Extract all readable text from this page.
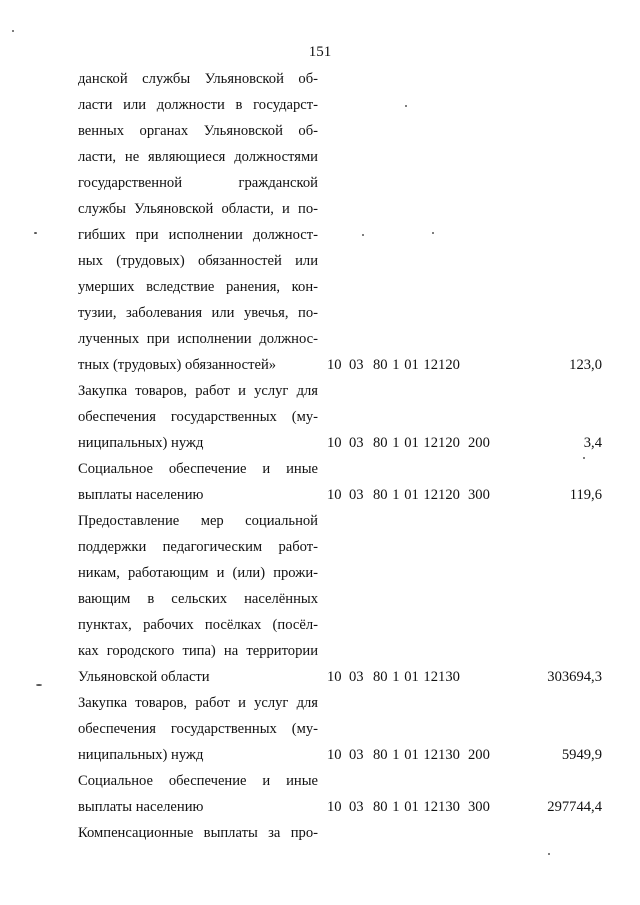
151
данской службы Ульяновской об-
ласти или должности в государст-
венных органах Ульяновской об-
ласти, не являющиеся должностями
государственной гражданской
службы Ульяновской области, и по-
гибших при исполнении должност-
ных (трудовых) обязанностей или
умерших вследствие ранения, кон-
тузии, заболевания или увечья, по-
лученных при исполнении должнос-
тных (трудовых) обязанностей»	10 03 80 1 01 12120	123,0
Закупка товаров, работ и услуг для
обеспечения государственных (му-
ниципальных) нужд	10 03 80 1 01 12120 200	3,4
Социальное обеспечение и иные
выплаты населению	10 03 80 1 01 12120 300	119,6
Предоставление мер социальной
поддержки педагогическим работ-
никам, работающим и (или) прожи-
вающим в сельских населённых
пунктах, рабочих посёлках (посёл-
ках городского типа) на территории
Ульяновской области	10 03 80 1 01 12130	303694,3
Закупка товаров, работ и услуг для
обеспечения государственных (му-
ниципальных) нужд	10 03 80 1 01 12130 200	5949,9
Социальное обеспечение и иные
выплаты населению	10 03 80 1 01 12130 300	297744,4
Компенсационные выплаты за про-
